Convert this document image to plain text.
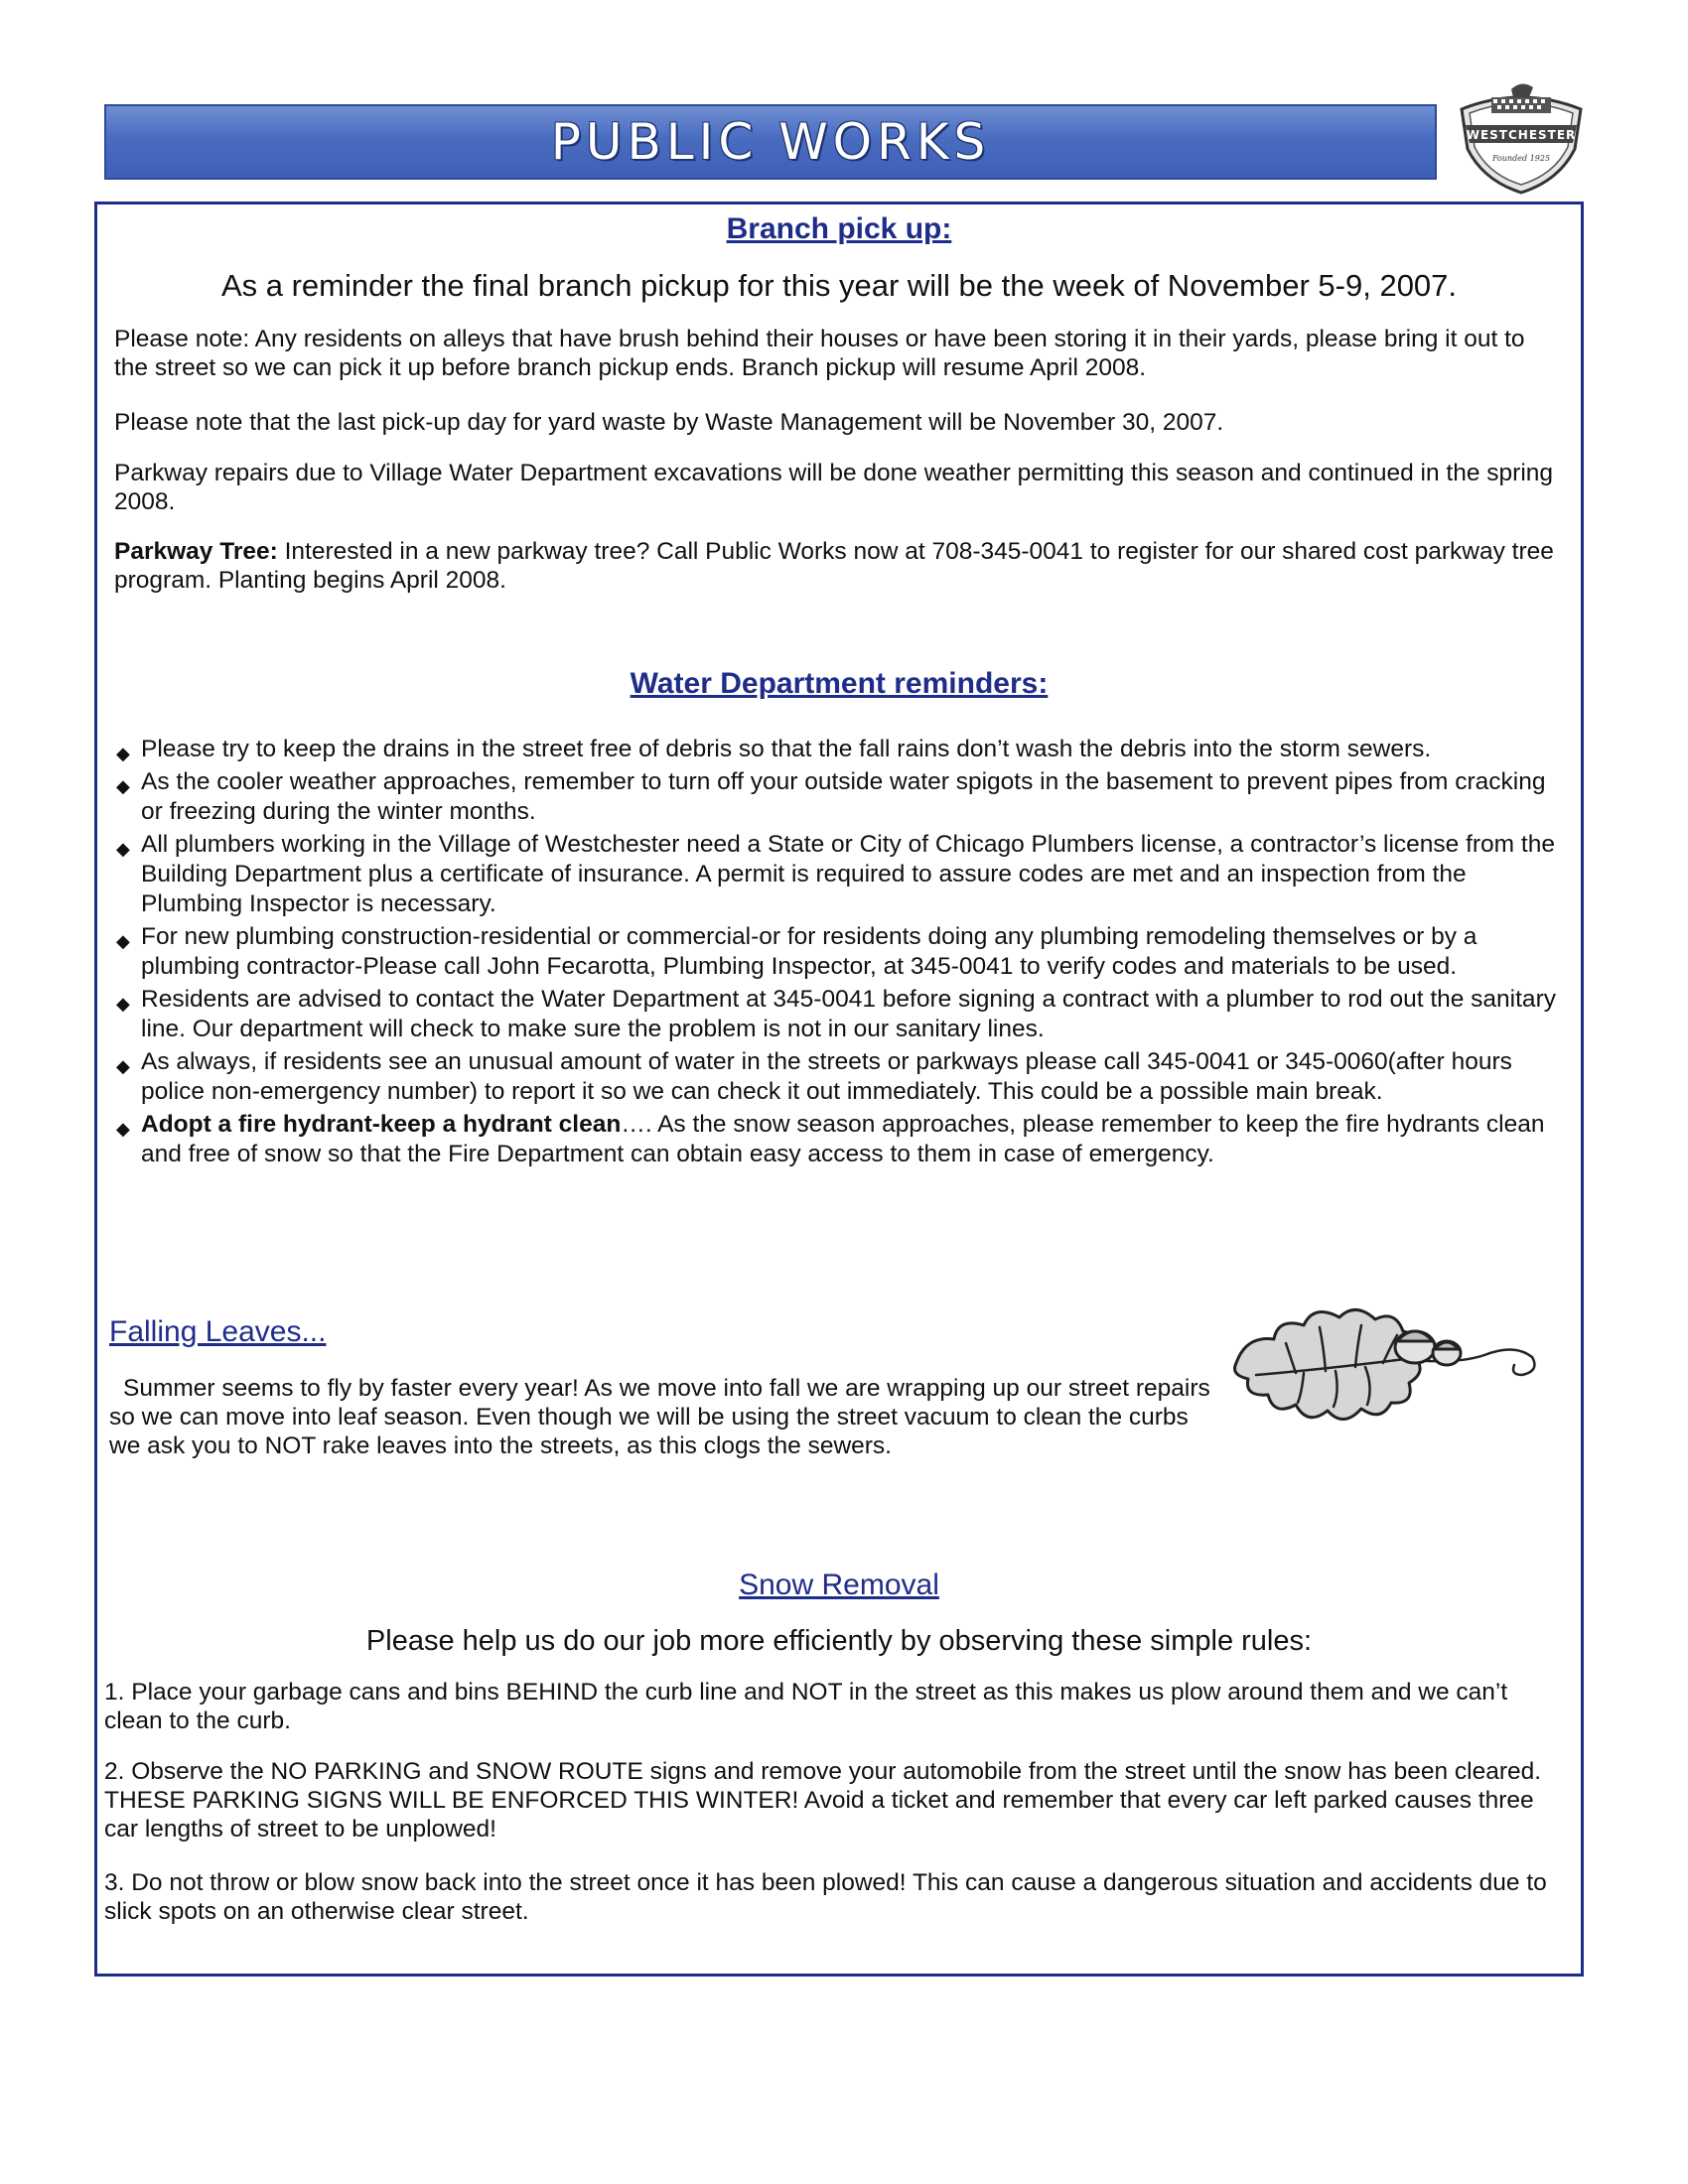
PUBLIC WORKS	WESTCHESTER
Founded 1925
Branch pick up:
As a reminder the final branch pickup for this year will be the week of November 5-9, 2007.
Please note: Any residents on alleys that have brush behind their houses or have been storing it in their yards, please bring it out to the street so we can pick it up before branch pickup ends. Branch pickup will resume April 2008.
Please note that the last pick-up day for yard waste by Waste Management will be November 30, 2007.
Parkway repairs due to Village Water Department excavations will be done weather permitting this season and continued in the spring 2008.
Parkway Tree: Interested in a new parkway tree? Call Public Works now at 708-345-0041 to register for our shared cost parkway tree program. Planting begins April 2008.
Water Department reminders:
◆ Please try to keep the drains in the street free of debris so that the fall rains don’t wash the debris into the storm sewers.
◆ As the cooler weather approaches, remember to turn off your outside water spigots in the basement to prevent pipes from cracking or freezing during the winter months.
◆ All plumbers working in the Village of Westchester need a State or City of Chicago Plumbers license, a contractor’s license from the Building Department plus a certificate of insurance. A permit is required to assure codes are met and an inspection from the Plumbing Inspector is necessary.
◆ For new plumbing construction-residential or commercial-or for residents doing any plumbing remodeling themselves or by a plumbing contractor-Please call John Fecarotta, Plumbing Inspector, at 345-0041 to verify codes and materials to be used.
◆ Residents are advised to contact the Water Department at 345-0041 before signing a contract with a plumber to rod out the sanitary line. Our department will check to make sure the problem is not in our sanitary lines.
◆ As always, if residents see an unusual amount of water in the streets or parkways please call 345-0041 or 345-0060(after hours police non-emergency number) to report it so we can check it out immediately. This could be a possible main break.
◆ Adopt a fire hydrant-keep a hydrant clean…. As the snow season approaches, please remember to keep the fire hydrants clean and free of snow so that the Fire Department can obtain easy access to them in case of emergency.
Falling Leaves...
Summer seems to fly by faster every year! As we move into fall we are wrapping up our street repairs so we can move into leaf season. Even though we will be using the street vacuum to clean the curbs we ask you to NOT rake leaves into the streets, as this clogs the sewers.
Snow Removal
Please help us do our job more efficiently by observing these simple rules:
1. Place your garbage cans and bins BEHIND the curb line and NOT in the street as this makes us plow around them and we can’t clean to the curb.
2. Observe the NO PARKING and SNOW ROUTE signs and remove your automobile from the street until the snow has been cleared. THESE PARKING SIGNS WILL BE ENFORCED THIS WINTER! Avoid a ticket and remember that every car left parked causes three car lengths of street to be unplowed!
3. Do not throw or blow snow back into the street once it has been plowed! This can cause a dangerous situation and accidents due to slick spots on an otherwise clear street.
